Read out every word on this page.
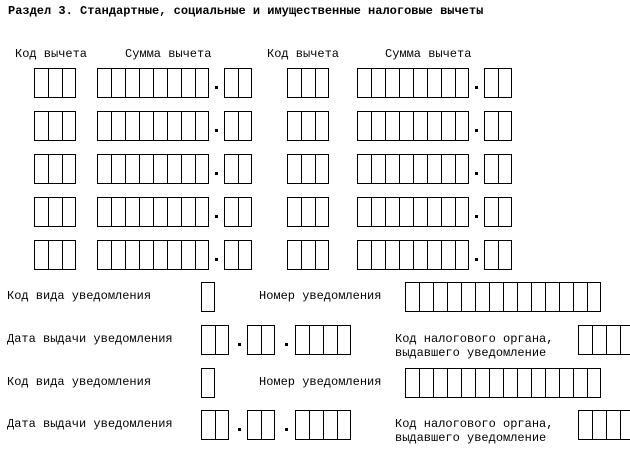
Раздел 3. Стандартные, социальные и имущественные налоговые вычеты
Код вычета	Сумма вычета	Код вычета	Сумма вычета
Код вида уведомления	Номер уведомления
Дата выдачи уведомления	Код налогового органа,
выдавшего уведомление
Код вида уведомления	Номер уведомления
Дата выдачи уведомления	Код налогового органа,
выдавшего уведомление
